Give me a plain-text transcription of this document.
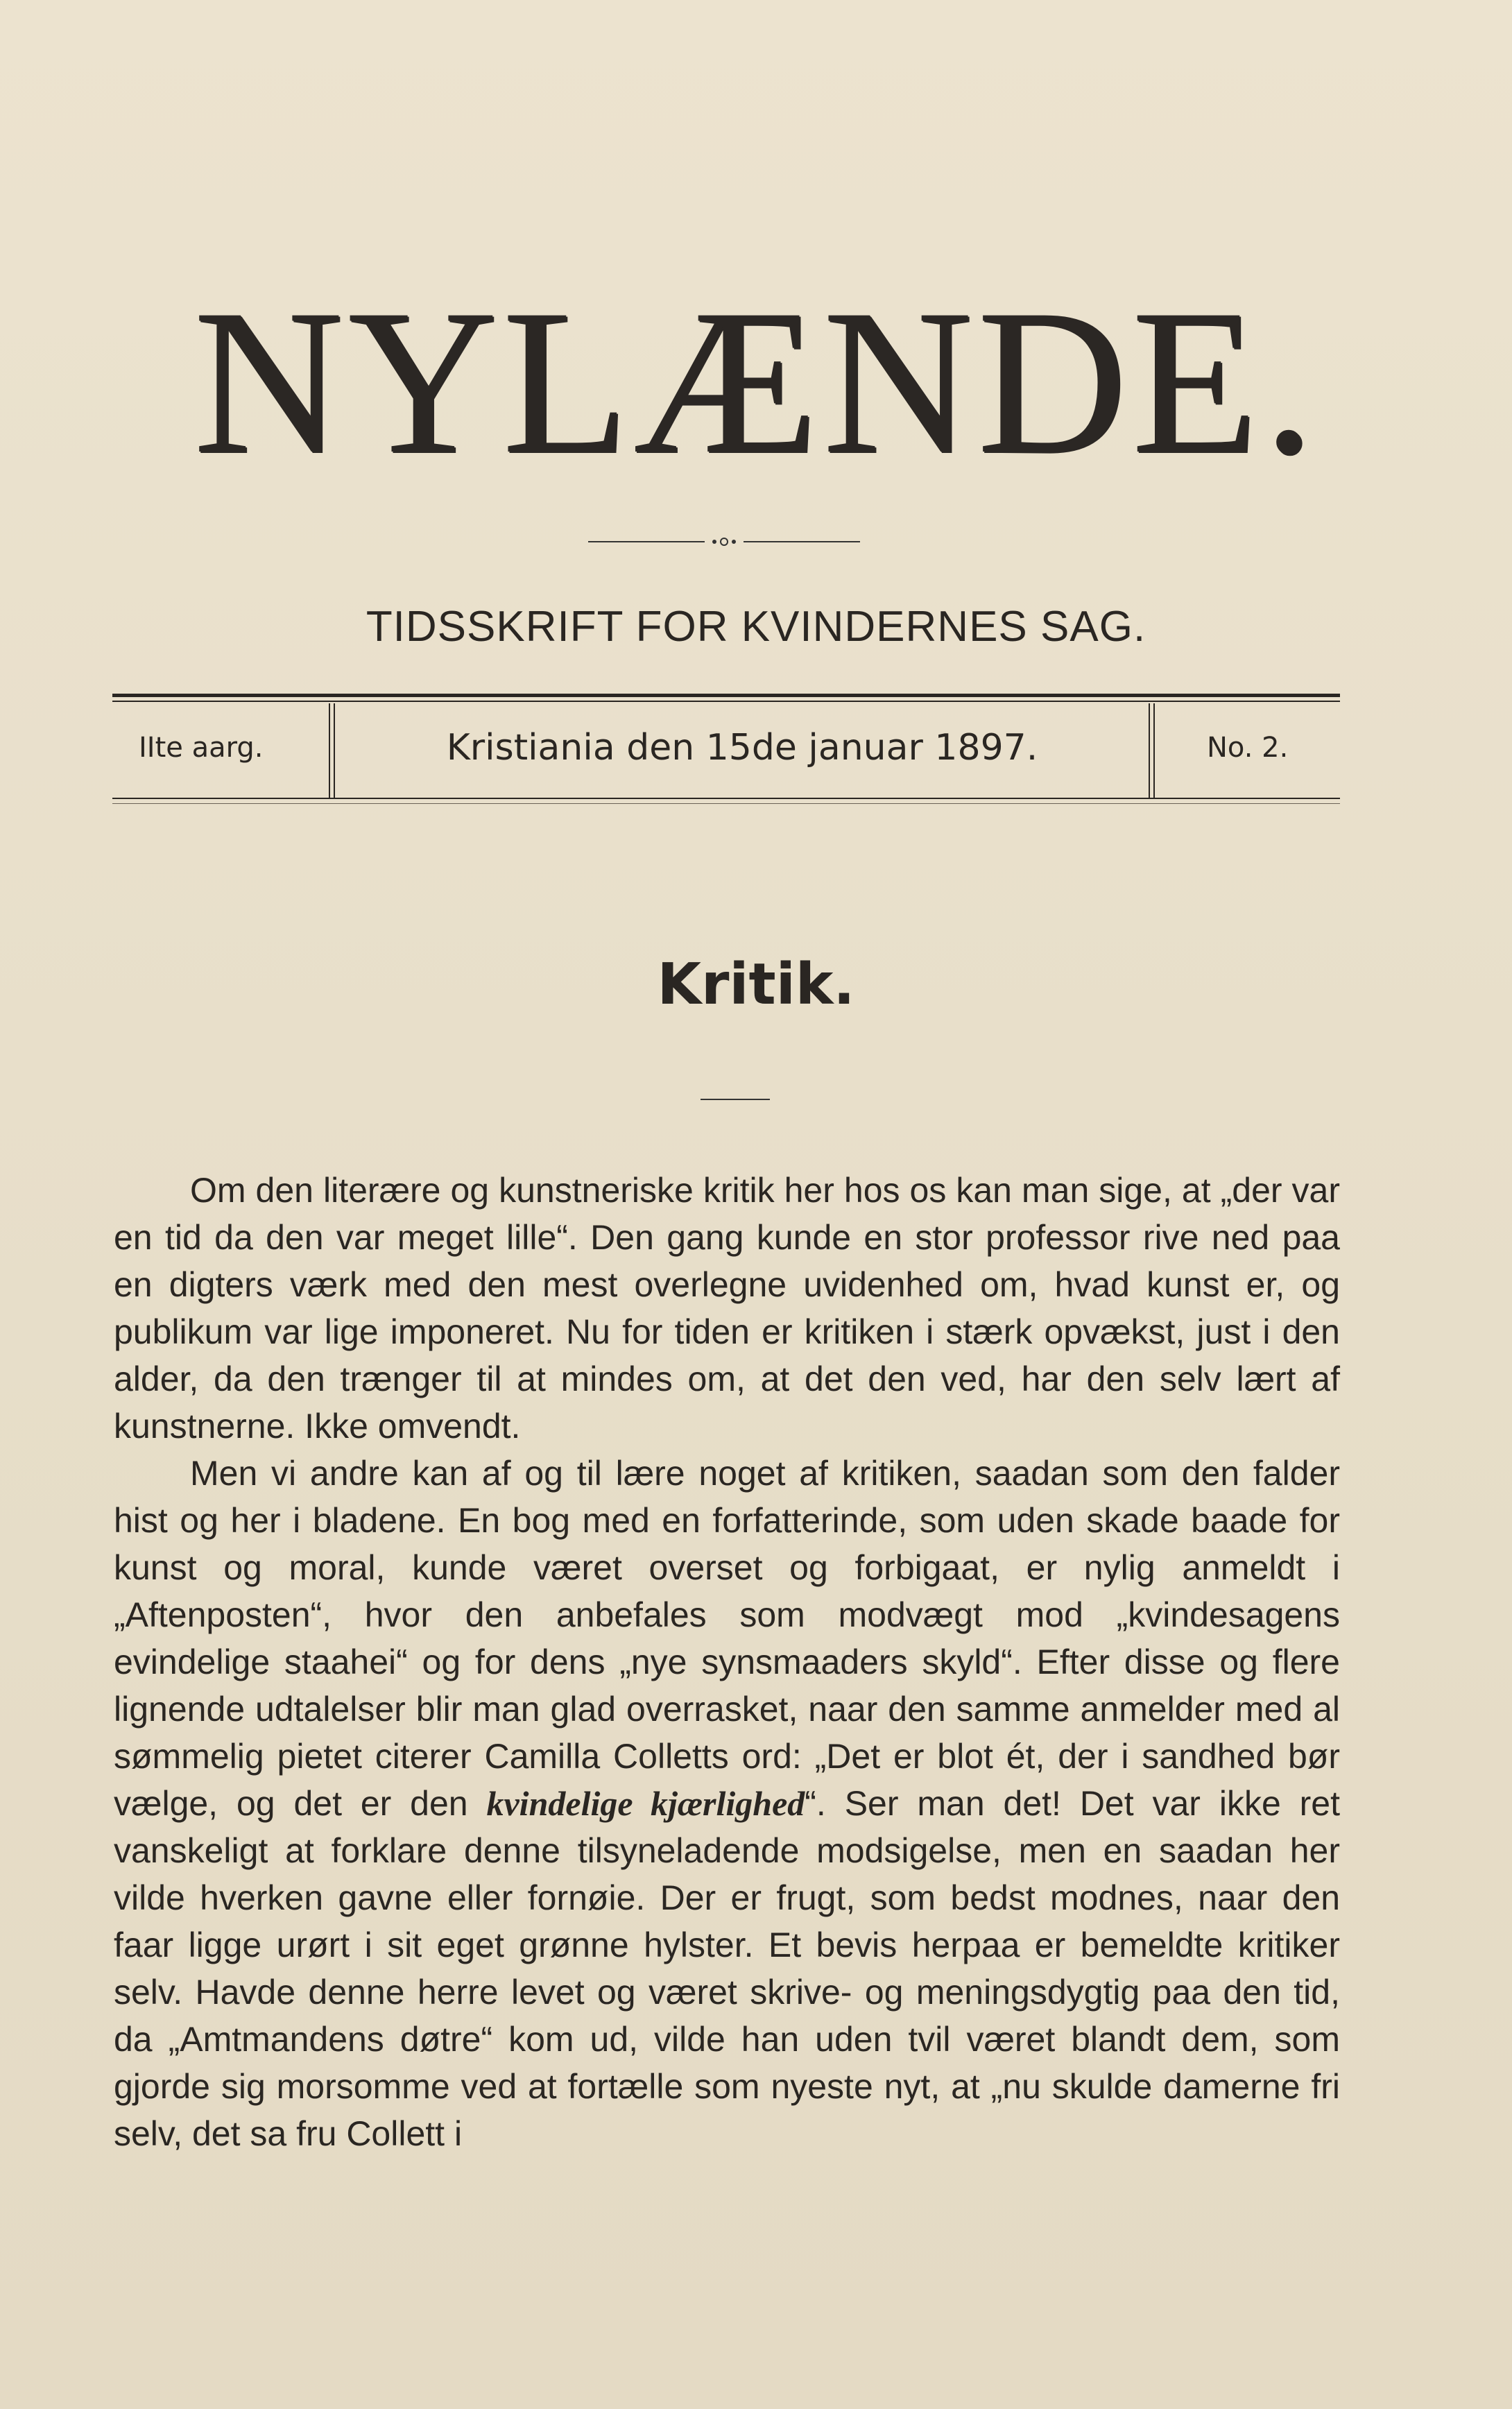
NYLÆNDE.
TIDSSKRIFT FOR KVINDERNES SAG.
IIte aarg.	Kristiania den 15de januar 1897.	No. 2.
Kritik.

Om den literære og kunstneriske kritik her hos os kan man sige, at „der var en tid da den var meget lille“. Den gang kunde en stor professor rive ned paa en digters værk med den mest overlegne uvidenhed om, hvad kunst er, og publikum var lige imponeret. Nu for tiden er kritiken i stærk opvækst, just i den alder, da den trænger til at mindes om, at det den ved, har den selv lært af kunstnerne. Ikke omvendt.

Men vi andre kan af og til lære noget af kritiken, saadan som den falder hist og her i bladene. En bog med en forfatterinde, som uden skade baade for kunst og moral, kunde været overset og forbigaat, er nylig anmeldt i „Aftenposten“, hvor den anbefales som modvægt mod „kvindesagens evindelige staahei“ og for dens „nye synsmaaders skyld“. Efter disse og flere lignende udtalelser blir man glad overrasket, naar den samme anmelder med al sømmelig pietet citerer Camilla Colletts ord: „Det er blot ét, der i sandhed bør vælge, og det er den kvindelige kjærlighed“. Ser man det! Det var ikke ret vanskeligt at forklare denne tilsyneladende modsigelse, men en saadan her vilde hverken gavne eller fornøie. Der er frugt, som bedst modnes, naar den faar ligge urørt i sit eget grønne hylster. Et bevis herpaa er bemeldte kritiker selv. Havde denne herre levet og været skrive- og meningsdygtig paa den tid, da „Amtmandens døtre“ kom ud, vilde han uden tvil været blandt dem, som gjorde sig morsomme ved at fortælle som nyeste nyt, at „nu skulde damerne fri selv, det sa fru Collett i
